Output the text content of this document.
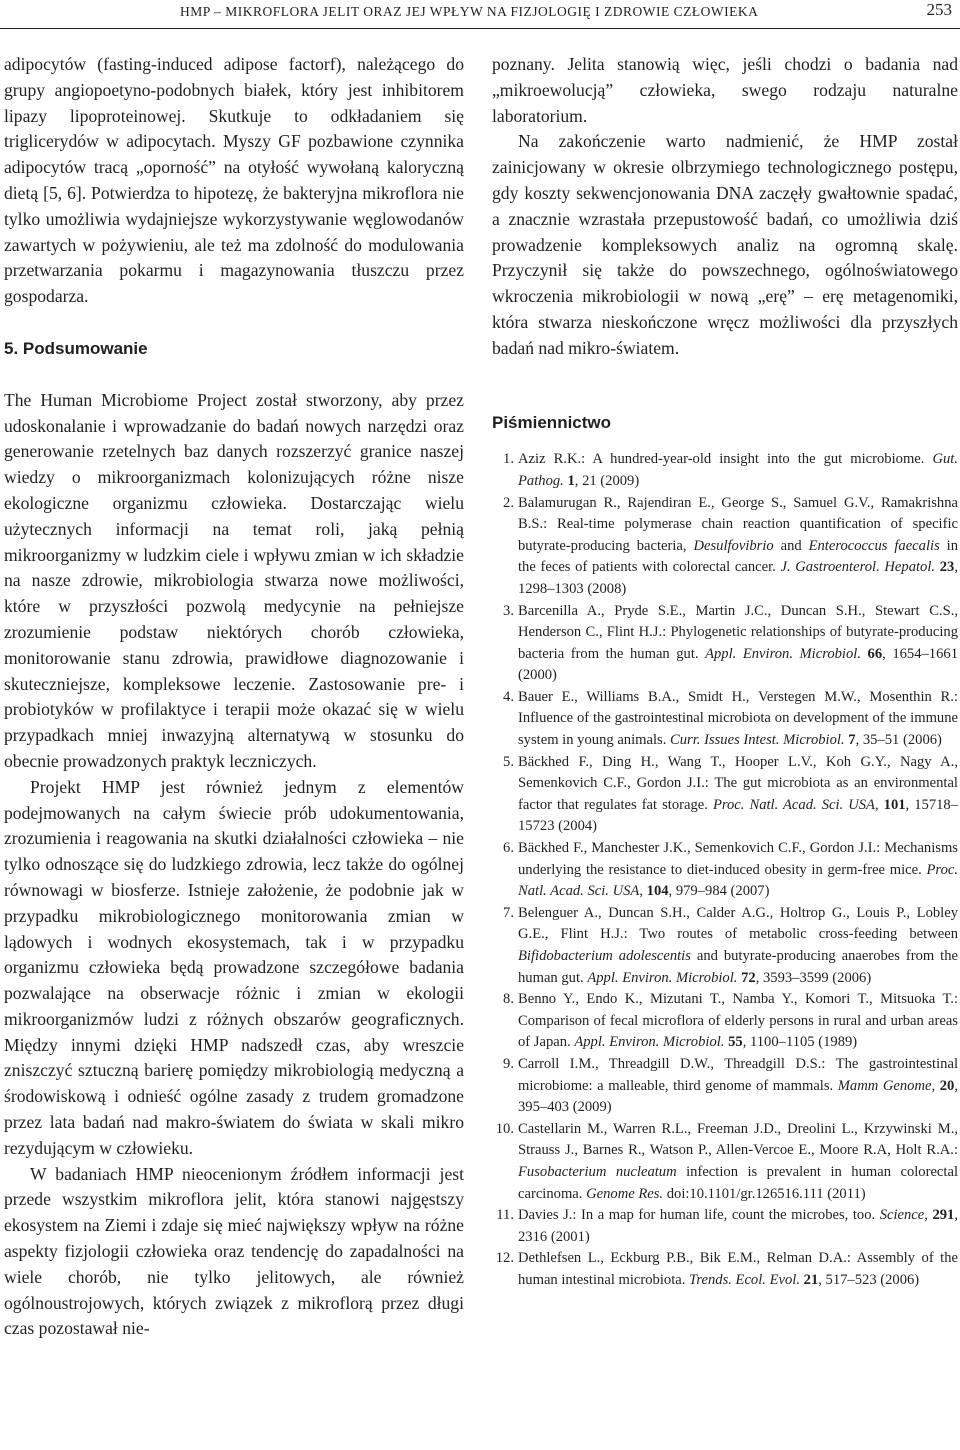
HMP – MIKROFLORA JELIT ORAZ JEJ WPŁYW NA FIZJOLOGIĘ I ZDROWIE CZŁOWIEKA	253

adipocytów (fasting-induced adipose factorf), należącego do grupy angiopoetyno-podobnych białek, który jest inhibitorem lipazy lipoproteinowej. Skutkuje to odkładaniem się triglicerydów w adipocytach. Myszy GF pozbawione czynnika adipocytów tracą „oporność” na otyłość wywołaną kaloryczną dietą [5, 6]. Potwierdza to hipotezę, że bakteryjna mikroflora nie tylko umożliwia wydajniejsze wykorzystywanie węglowodanów zawartych w pożywieniu, ale też ma zdolność do modulowania przetwarzania pokarmu i magazynowania tłuszczu przez gospodarza.

5. Podsumowanie

The Human Microbiome Project został stworzony, aby przez udoskonalanie i wprowadzanie do badań nowych narzędzi oraz generowanie rzetelnych baz danych rozszerzyć granice naszej wiedzy o mikroorganizmach kolonizujących różne nisze ekologiczne organizmu człowieka. Dostarczając wielu użytecznych informacji na temat roli, jaką pełnią mikroorganizmy w ludzkim ciele i wpływu zmian w ich składzie na nasze zdrowie, mikrobiologia stwarza nowe możliwości, które w przyszłości pozwolą medycynie na pełniejsze zrozumienie podstaw niektórych chorób człowieka, monitorowanie stanu zdrowia, prawidłowe diagnozowanie i skuteczniejsze, kompleksowe leczenie. Zastosowanie pre- i probiotyków w profilaktyce i terapii może okazać się w wielu przypadkach mniej inwazyjną alternatywą w stosunku do obecnie prowadzonych praktyk leczniczych.

Projekt HMP jest również jednym z elementów podejmowanych na całym świecie prób udokumentowania, zrozumienia i reagowania na skutki działalności człowieka – nie tylko odnoszące się do ludzkiego zdrowia, lecz także do ogólnej równowagi w biosferze. Istnieje założenie, że podobnie jak w przypadku mikrobiologicznego monitorowania zmian w lądowych i wodnych ekosystemach, tak i w przypadku organizmu człowieka będą prowadzone szczegółowe badania pozwalające na obserwacje różnic i zmian w ekologii mikroorganizmów ludzi z różnych obszarów geograficznych. Między innymi dzięki HMP nadszedł czas, aby wreszcie zniszczyć sztuczną barierę pomiędzy mikrobiologią medyczną a środowiskową i odnieść ogólne zasady z trudem gromadzone przez lata badań nad makro-światem do świata w skali mikro rezydującym w człowieku.

W badaniach HMP nieocenionym źródłem informacji jest przede wszystkim mikroflora jelit, która stanowi najgęstszy ekosystem na Ziemi i zdaje się mieć największy wpływ na różne aspekty fizjologii człowieka oraz tendencję do zapadalności na wiele chorób, nie tylko jelitowych, ale również ogólnoustrojowych, których związek z mikroflorą przez długi czas pozostawał nie-

poznany. Jelita stanowią więc, jeśli chodzi o badania nad „mikroewolucją” człowieka, swego rodzaju naturalne laboratorium.

Na zakończenie warto nadmienić, że HMP został zainicjowany w okresie olbrzymiego technologicznego postępu, gdy koszty sekwencjonowania DNA zaczęły gwałtownie spadać, a znacznie wzrastała przepustowość badań, co umożliwia dziś prowadzenie kompleksowych analiz na ogromną skalę. Przyczynił się także do powszechnego, ogólnoświatowego wkroczenia mikrobiologii w nową „erę” – erę metagenomiki, która stwarza nieskończone wręcz możliwości dla przyszłych badań nad mikro-światem.

Piśmiennictwo
1. Aziz R.K.: A hundred-year-old insight into the gut microbiome. Gut. Pathog. 1, 21 (2009)
2. Balamurugan R., Rajendiran E., George S., Samuel G.V., Ramakrishna B.S.: Real-time polymerase chain reaction quantification of specific butyrate-producing bacteria, Desulfovibrio and Enterococcus faecalis in the feces of patients with colorectal cancer. J. Gastroenterol. Hepatol. 23, 1298–1303 (2008)
3. Barcenilla A., Pryde S.E., Martin J.C., Duncan S.H., Stewart C.S., Henderson C., Flint H.J.: Phylogenetic relationships of butyrate-producing bacteria from the human gut. Appl. Environ. Microbiol. 66, 1654–1661 (2000)
4. Bauer E., Williams B.A., Smidt H., Verstegen M.W., Mosenthin R.: Influence of the gastrointestinal microbiota on development of the immune system in young animals. Curr. Issues Intest. Microbiol. 7, 35–51 (2006)
5. Bäckhed F., Ding H., Wang T., Hooper L.V., Koh G.Y., Nagy A., Semenkovich C.F., Gordon J.I.: The gut microbiota as an environmental factor that regulates fat storage. Proc. Natl. Acad. Sci. USA, 101, 15718–15723 (2004)
6. Bäckhed F., Manchester J.K., Semenkovich C.F., Gordon J.I.: Mechanisms underlying the resistance to diet-induced obesity in germ-free mice. Proc. Natl. Acad. Sci. USA, 104, 979–984 (2007)
7. Belenguer A., Duncan S.H., Calder A.G., Holtrop G., Louis P., Lobley G.E., Flint H.J.: Two routes of metabolic cross-feeding between Bifidobacterium adolescentis and butyrate-producing anaerobes from the human gut. Appl. Environ. Microbiol. 72, 3593–3599 (2006)
8. Benno Y., Endo K., Mizutani T., Namba Y., Komori T., Mitsuoka T.: Comparison of fecal microflora of elderly persons in rural and urban areas of Japan. Appl. Environ. Microbiol. 55, 1100–1105 (1989)
9. Carroll I.M., Threadgill D.W., Threadgill D.S.: The gastrointestinal microbiome: a malleable, third genome of mammals. Mamm Genome, 20, 395–403 (2009)
10. Castellarin M., Warren R.L., Freeman J.D., Dreolini L., Krzywinski M., Strauss J., Barnes R., Watson P., Allen-Vercoe E., Moore R.A, Holt R.A.: Fusobacterium nucleatum infection is prevalent in human colorectal carcinoma. Genome Res. doi:10.1101/gr.126516.111 (2011)
11. Davies J.: In a map for human life, count the microbes, too. Science, 291, 2316 (2001)
12. Dethlefsen L., Eckburg P.B., Bik E.M., Relman D.A.: Assembly of the human intestinal microbiota. Trends. Ecol. Evol. 21, 517–523 (2006)
